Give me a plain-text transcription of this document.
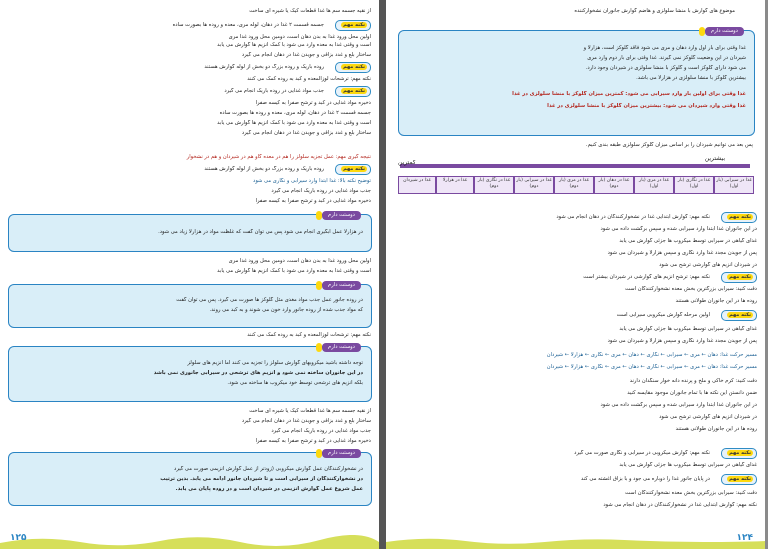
از نقیه جسمه سم ها غذا قطعات کیک یا شیره ای ساخت
نکته مهم
جسمه قسمت ۲ غذا در دهان، لوله مری، معده و روده ها بصورت ساده
اولین محل ورود غذا به بدن دهان است، دومین محل ورود غذا مری
است و وقتی غذا به معده وارد می شود با کمک آنزیم ها گوارش می یابد
ساختار بلع و غدد بزاقی و جویدن غذا در دهان انجام می گیرد
نکته مهم
روده باریک و روده بزرگ دو بخش از لوله گوارش هستند
نکته مهم: ترشحات لوزالمعده و کبد به روده کمک می کنند
نکته مهم
جذب مواد غذایی در روده باریک انجام می گیرد
ذخیره مواد غذایی در کبد و ترشح صفرا به کیسه صفرا
جسمه قسمت ۲ غذا در دهان، لوله مری، معده و روده ها بصورت ساده
است و وقتی غذا به معده وارد می شود با کمک آنزیم ها گوارش می یابد
ساختار بلع و غدد بزاقی و جویدن غذا در دهان انجام می گیرد
نتیجه گیری مهم: عمل تجزیه سلولز را هم در معده گاو هم در شیردان و هم در نشخوار
نکته مهم
روده باریک و روده بزرگ دو بخش از لوله گوارش هستند
توضیح نکته بالا: غذا ابتدا وارد سیرابی و نگاری می شود
جذب مواد غذایی در روده باریک انجام می گیرد
ذخیره مواد غذایی در کبد و ترشح صفرا به کیسه صفرا
دوستت دارم
در هزارلا عمل آبگیری انجام می شود پس می توان گفت که غلظت مواد در هزارلا زیاد می شود.
اولین محل ورود غذا به بدن دهان است، دومین محل ورود غذا مری
است و وقتی غذا به معده وارد می شود با کمک آنزیم ها گوارش می یابد
دوستت دارم
در روده جانور عمل جذب مواد مغذی مثل گلوکز ها صورت می گیرد. پس می توان گفت
که مواد جذب شده از روده جانور وارد خون می شوند و به کبد می روند.
نکته مهم: ترشحات لوزالمعده و کبد به روده کمک می کنند
دوستت دارم
توجه داشته باشید میکروبهای گوارش سلولز را تجزیه می کنند اما آنزیم های سلولز
در این جانوران ساخته نمی شود و آنزیم های ترشحی در سیرابی جانوری نمی باشد
بلکه آنزیم های ترشحی توسط خود میکروب ها ساخته می شود.
از نقیه جسمه سم ها غذا قطعات کیک یا شیره ای ساخت
ساختار بلع و غدد بزاقی و جویدن غذا در دهان انجام می گیرد
جذب مواد غذایی در روده باریک انجام می گیرد
ذخیره مواد غذایی در کبد و ترشح صفرا به کیسه صفرا
دوستت دارم
در نشخوارکنندگان عمل گوارش میکروبی (زودتر از عمل گوارش آنزیمی صورت می گیرد
در نشخوارکنندگان از سیرابی است و تا شیردان جانور ادامه می یابد. بدین ترتیب
عمل شروع عمل گوارش آنزیمی در شیردان است و در روده پایان می یابد.
۱۲۵
موضوع های گوارش با منشأ سلولزی و هاضم گوارش جانوران نشخوارکننده
دوستت دارم
غذا وقتی برای بار اول وارد دهان و مری می شود فاقد گلوکز است، هزارلا و
شیردان در این وضعیت گلوکز نمی گیرند. غذا وقتی برای بار دوم وارد مری
می شود دارای گلوکز است و گلوکز با منشأ سلولزی در شیردان وجود دارد.
بیشترین گلوکز با منشأ سلولزی در هزارلا می باشد.
غذا وقتی برای اولین بار وارد سیرابی می شود: کمترین میزان گلوکز با منشأ سلولزی در غذا
غذا وقتی وارد شیردان می شود: بیشترین میزان گلوکز با منشأ سلولزی در غذا
پس بعد می توانیم شیردان را بر اساس میزان گلوکز سلولزی طبقه بندی کنیم.
بیشترین
کمترین
غذا در سیرابی (بار اول)
غذا در نگاری (بار اول)
غذا در مری (بار اول)
غذا در دهان (بار دوم)
غذا در مری (بار دوم)
غذا در سیرابی (بار دوم)
غذا در نگاری (بار دوم)
غذا در هزارلا
غذا در شیردان
نکته مهم
نکته مهم: گوارش ابتدایی غذا در نشخوارکنندگان در دهان انجام می شود
در این جانوران غذا ابتدا وارد سیرابی شده و سپس برگشت داده می شود
غذای گیاهی در سیرابی توسط میکروب ها جزئی گوارش می یابد
پس از جویدن مجدد غذا وارد نگاری و سپس هزارلا و شیردان می شود
در شیردان آنزیم های گوارشی ترشح می شود
نکته مهم
نکته مهم: ترشح آنزیم های گوارشی در شیردان بیشتر است
دقت کنید: سیرابی بزرگترین بخش معده نشخوارکنندگان است
روده ها در این جانوران طولانی هستند
نکته مهم
اولین مرحله گوارش میکروبی سیرابی است
غذای گیاهی در سیرابی توسط میکروب ها جزئی گوارش می یابد
پس از جویدن مجدد غذا وارد نگاری و سپس هزارلا و شیردان می شود
مسیر حرکت غذا: دهان ← مری ← سیرابی ← نگاری ← دهان ← مری ← نگاری ← هزارلا ← شیردان
مسیر حرکت غذا: دهان ← مری ← سیرابی ← نگاری ← دهان ← مری ← نگاری ← هزارلا ← شیردان
دقت کنید: کرم خاکی و ملخ و پرنده دانه خوار سنگدان دارند
ضمن دانستن این نکته ها با تمام جانوران موجود مقایسه کنید
در این جانوران غذا ابتدا وارد سیرابی شده و سپس برگشت داده می شود
در شیردان آنزیم های گوارشی ترشح می شود
روده ها در این جانوران طولانی هستند
نکته مهم
نکته مهم: گوارش میکروبی در سیرابی و نگاری صورت می گیرد
غذای گیاهی در سیرابی توسط میکروب ها جزئی گوارش می یابد
نکته مهم
در پایان جانور غذا را دوباره می جود و با بزاق آغشته می کند
دقت کنید: سیرابی بزرگترین بخش معده نشخوارکنندگان است
نکته مهم: گوارش ابتدایی غذا در نشخوارکنندگان در دهان انجام می شود
۱۲۴
